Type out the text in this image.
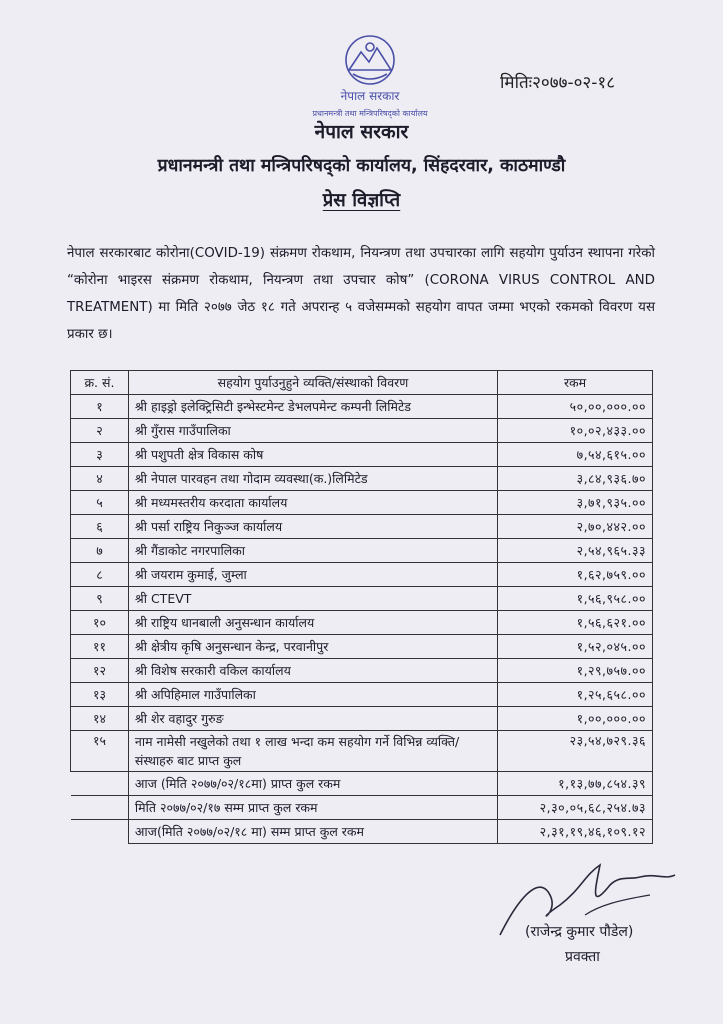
नेपाल सरकार
प्रधानमन्त्री तथा मन्त्रिपरिषद्को कार्यालय
मितिः२०७७-०२-१८
नेपाल सरकार
प्रधानमन्त्री तथा मन्त्रिपरिषद्को कार्यालय, सिंहदरवार, काठमाण्डौ
प्रेस विज्ञप्ति
नेपाल सरकारबाट कोरोना(COVID-19) संक्रमण रोकथाम, नियन्त्रण तथा उपचारका लागि सहयोग पुर्याउन स्थापना गरेको “कोरोना भाइरस संक्रमण रोकथाम, नियन्त्रण तथा उपचार कोष” (CORONA VIRUS CONTROL AND TREATMENT) मा मिति २०७७ जेठ १८ गते अपरान्ह ५ वजेसम्मको सहयोग वापत जम्मा भएको रकमको विवरण यस प्रकार छ।
क्र. सं.	सहयोग पुर्याउनुहुने व्यक्ति/संस्थाको विवरण	रकम
१	श्री हाइड्रो इलेक्ट्रिसिटी इन्भेस्टमेन्ट डेभलपमेन्ट कम्पनी लिमिटेड	५०,००,०००.००
२	श्री गुँरास गाउँपालिका	१०,०२,४३३.००
३	श्री पशुपती क्षेत्र विकास कोष	७,५४,६१५.००
४	श्री नेपाल पारवहन तथा गोदाम व्यवस्था(क.)लिमिटेड	३,८४,९३६.७०
५	श्री मध्यमस्तरीय करदाता कार्यालय	३,७१,९३५.००
६	श्री पर्सा राष्ट्रिय निकुञ्ज कार्यालय	२,७०,४४२.००
७	श्री गैंडाकोट नगरपालिका	२,५४,९६५.३३
८	श्री जयराम कुमाई, जुम्ला	१,६२,७५९.००
९	श्री CTEVT	१,५६,९५८.००
१०	श्री राष्ट्रिय धानबाली अनुसन्धान कार्यालय	१,५६,६२१.००
११	श्री क्षेत्रीय कृषि अनुसन्धान केन्द्र, परवानीपुर	१,५२,०४५.००
१२	श्री विशेष सरकारी वकिल कार्यालय	१,२९,७५७.००
१३	श्री अपिहिमाल गाउँपालिका	१,२५,६५८.००
१४	श्री शेर वहादुर गुरुङ	१,००,०००.००
१५	नाम नामेसी नखुलेको तथा १ लाख भन्दा कम सहयोग गर्ने विभिन्न व्यक्ति/संस्थाहरु बाट प्राप्त कुल	२३,५४,७२९.३६
	आज (मिति २०७७/०२/१८मा) प्राप्त कुल रकम	१,१३,७७,८५४.३९
	मिति २०७७/०२/१७ सम्म प्राप्त कुल रकम	२,३०,०५,६८,२५४.७३
	आज(मिति २०७७/०२/१८ मा) सम्म प्राप्त कुल रकम	२,३१,१९,४६,१०९.१२
(राजेन्द्र कुमार पौडेल)
प्रवक्ता
